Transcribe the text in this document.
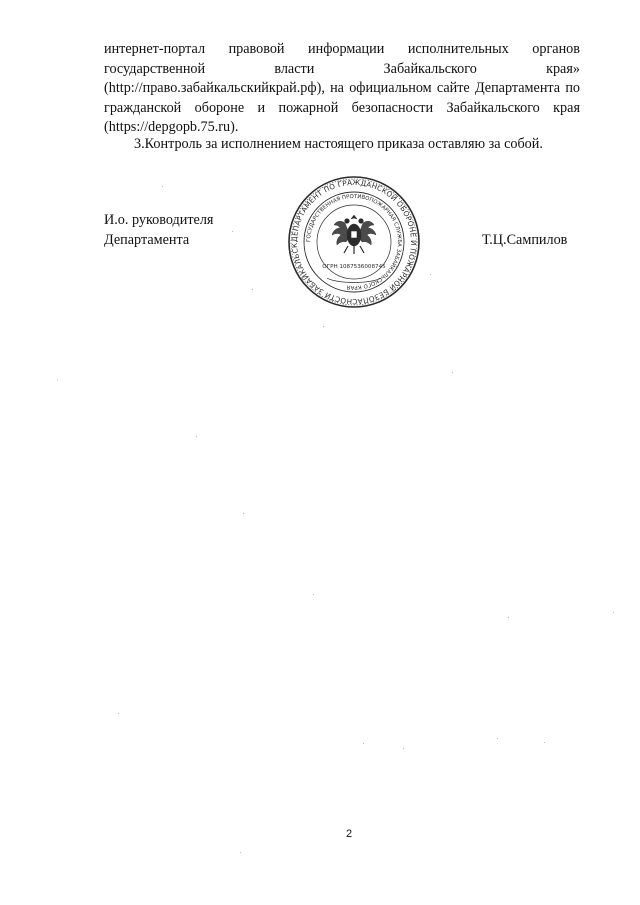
интернет-портал правовой информации исполнительных органов
государственной	власти	Забайкальского	края»
(http://право.забайкальскийкрай.рф), на официальном сайте Департамента по
гражданской обороне и пожарной безопасности Забайкальского края
(https://depgopb.75.ru).
3.Контроль за исполнением настоящего приказа оставляю за собой.
И.о. руководителя
Департамента	ДЕПАРТАМЕНТ ПО ГРАЖДАНСКОЙ ОБОРОНЕ И ПОЖАРНОЙ БЕЗОПАСНОСТИ ЗАБАЙКАЛЬСК
ГОСУДАРСТВЕННАЯ ПРОТИВОПОЖАРНАЯ СЛУЖБА ЗАБАЙКАЛЬСКОГО КРАЯ
ОГРН 1087536008745
Т.Ц.Сампилов
2
